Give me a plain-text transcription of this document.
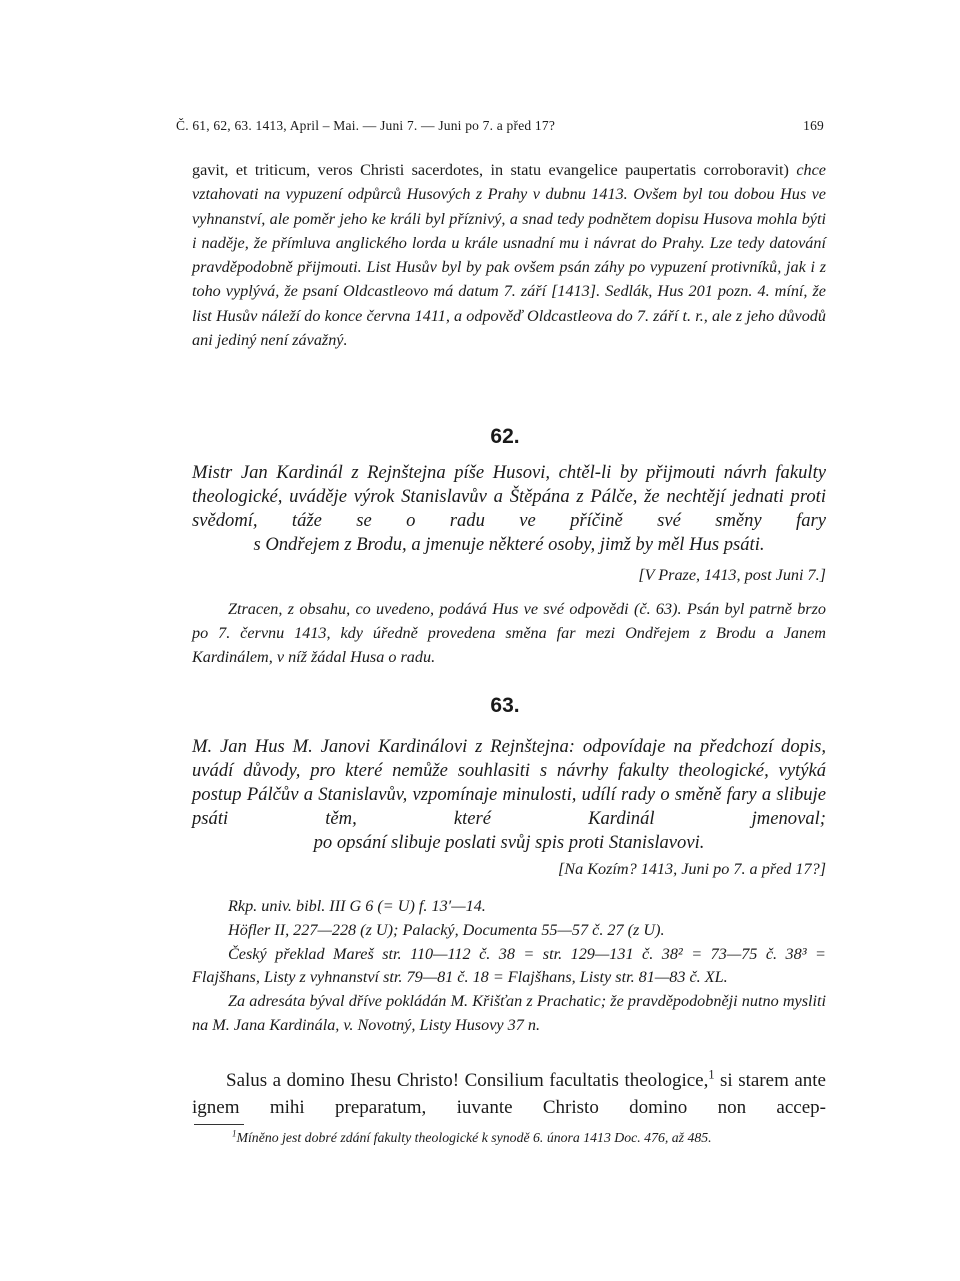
Č. 61, 62, 63. 1413, April – Mai. — Juni 7. — Juni po 7. a před 17?	169
gavit, et triticum, veros Christi sacerdotes, in statu evangelice paupertatis corroboravit) chce vztahovati na vypuzení odpůrců Husových z Prahy v dubnu 1413. Ovšem byl tou dobou Hus ve vyhnanství, ale poměr jeho ke králi byl příznivý, a snad tedy podnětem dopisu Husova mohla býti i naděje, že přímluva anglického lorda u krále usnadní mu i návrat do Prahy. Lze tedy datování pravděpodobně přijmouti. List Husův byl by pak ovšem psán záhy po vypuzení protivníků, jak i z toho vyplývá, že psaní Oldcastleovo má datum 7. září [1413]. Sedlák, Hus 201 pozn. 4. míní, že list Husův náleží do konce června 1411, a odpověď Oldcastleova do 7. září t. r., ale z jeho důvodů ani jediný není závažný.
62.
Mistr Jan Kardinál z Rejnštejna píše Husovi, chtěl-li by přijmouti návrh fakulty theologické, uváděje výrok Stanislavův a Štěpána z Pálče, že nechtějí jednati proti svědomí, táže se o radu ve příčině své směny fary
s Ondřejem z Brodu, a jmenuje některé osoby, jimž by měl Hus psáti.
[V Praze, 1413, post Juni 7.]

Ztracen, z obsahu, co uvedeno, podává Hus ve své odpovědi (č. 63). Psán byl patrně brzo po 7. červnu 1413, kdy úředně provedena směna far mezi Ondřejem z Brodu a Janem Kardinálem, v níž žádal Husa o radu.

63.
M. Jan Hus M. Janovi Kardinálovi z Rejnštejna: odpovídaje na předchozí dopis, uvádí důvody, pro které nemůže souhlasiti s návrhy fakulty theologické, vytýká postup Pálčův a Stanislavův, vzpomínaje minulosti, udílí rady o směně fary a slibuje psáti těm, které Kardinál jmenoval;
po opsání slibuje poslati svůj spis proti Stanislavovi.
[Na Kozím? 1413, Juni po 7. a před 17?]

Rkp. univ. bibl. III G 6 (= U) f. 13′—14.

Höfler II, 227—228 (z U); Palacký, Documenta 55—57 č. 27 (z U).

Český překlad Mareš str. 110—112 č. 38 = str. 129—131 č. 38² = 73—75 č. 38³ = Flajšhans, Listy z vyhnanství str. 79—81 č. 18 = Flajšhans, Listy str. 81—83 č. XL.

Za adresáta býval dříve pokládán M. Křišťan z Prachatic; že pravděpodobněji nutno mysliti na M. Jana Kardinála, v. Novotný, Listy Husovy 37 n.

Salus a domino Ihesu Christo! Consilium facultatis theologice,$^1$ si starem ante ignem mihi preparatum, iuvante Christo domino non accep-
$^1$Míněno jest dobré zdání fakulty theologické k synodě 6. února 1413 Doc. 476, až 485.
